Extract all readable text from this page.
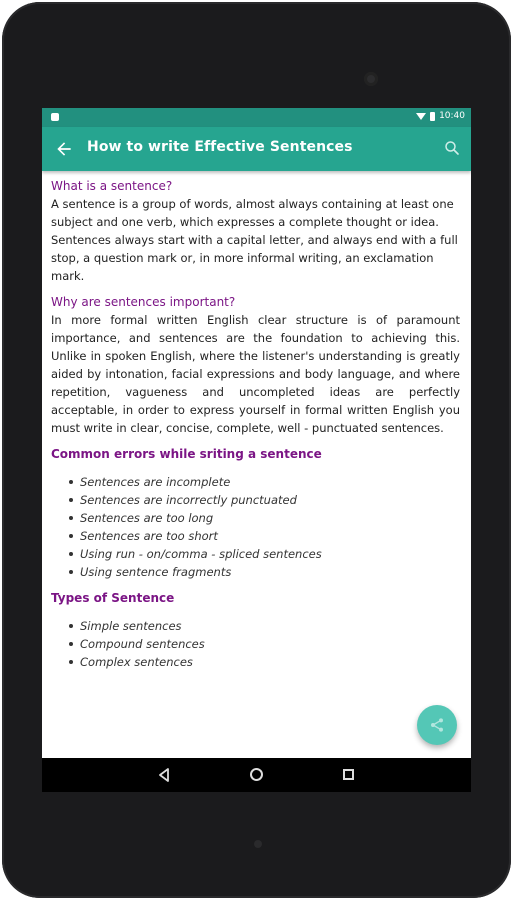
10:40
How to write Effective Sentences
What is a sentence?
A sentence is a group of words, almost always containing at least one subject and one verb, which expresses a complete thought or idea. Sentences always start with a capital letter, and always end with a full stop, a question mark or, in more informal writing, an exclamation mark.
Why are sentences important?
In more formal written English clear structure is of paramount importance, and sentences are the foundation to achieving this. Unlike in spoken English, where the listener's understanding is greatly aided by intonation, facial expressions and body language, and where repetition, vagueness and uncompleted ideas are perfectly acceptable, in order to express yourself in formal written English you must write in clear, concise, complete, well - punctuated sentences.
Common errors while sriting a sentence
Sentences are incomplete
Sentences are incorrectly punctuated
Sentences are too long
Sentences are too short
Using run - on/comma - spliced sentences
Using sentence fragments
Types of Sentence
Simple sentences
Compound sentences
Complex sentences
